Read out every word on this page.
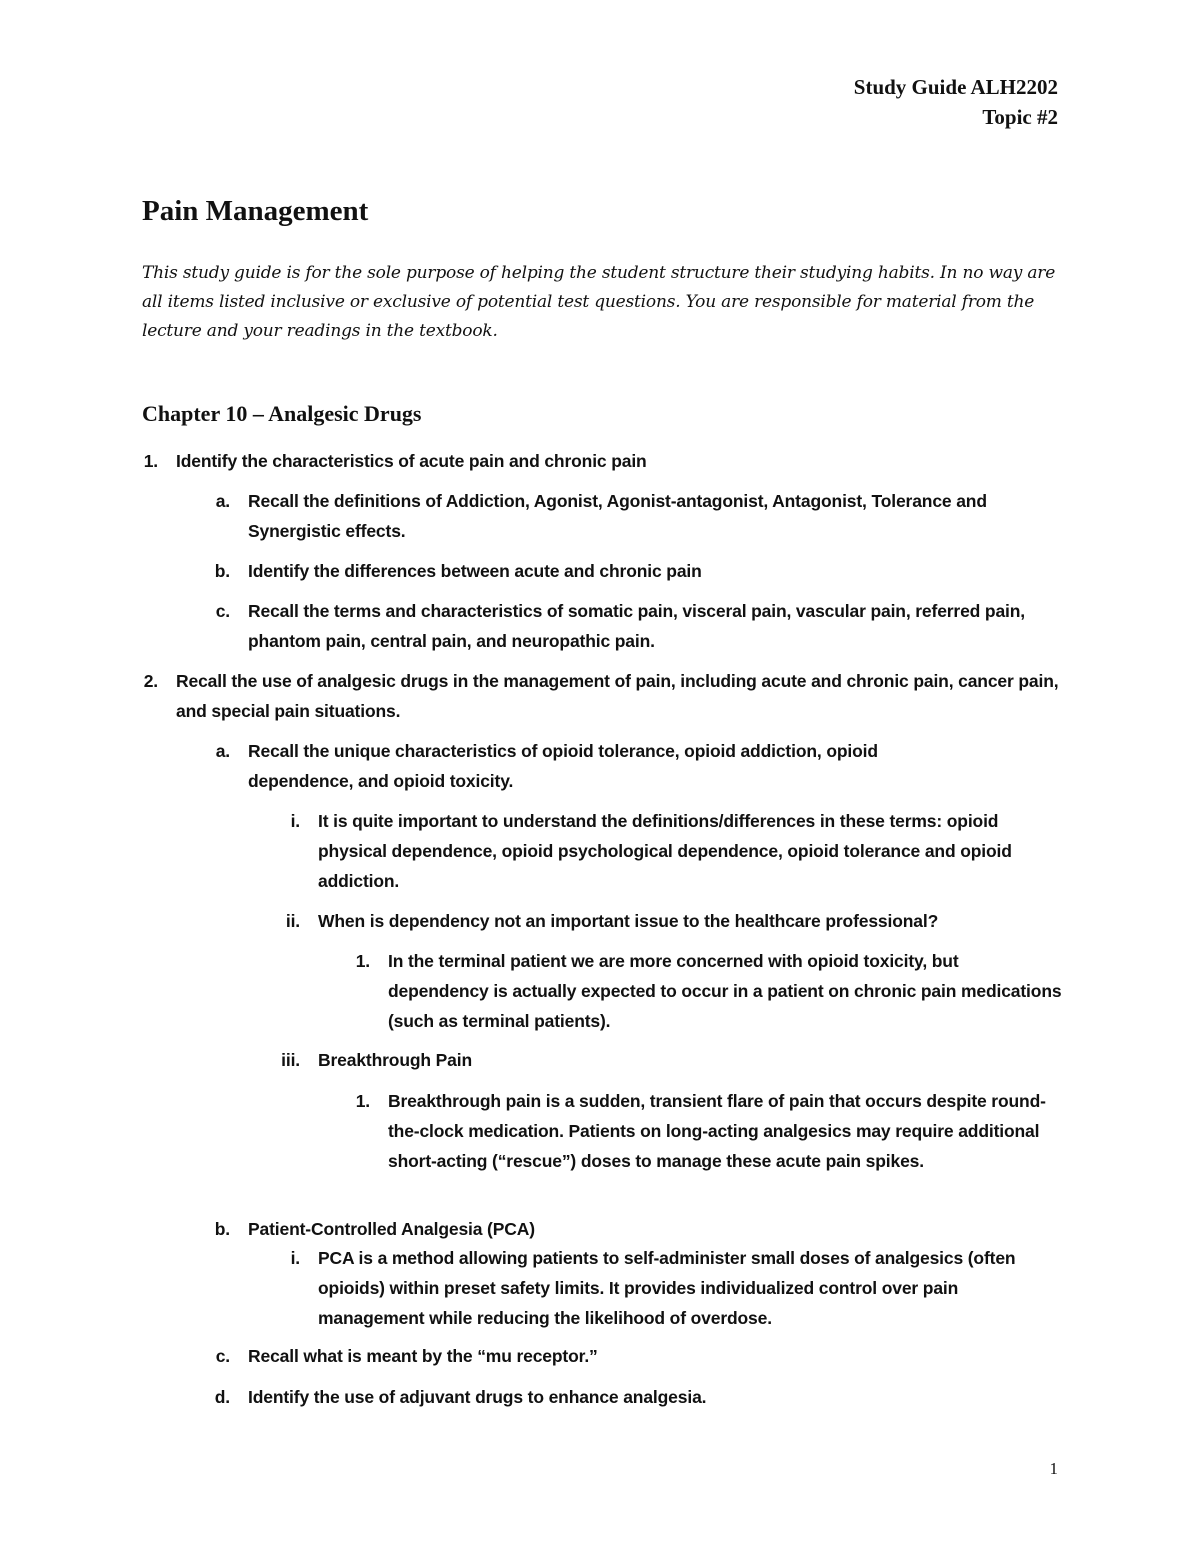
Study Guide ALH2202
Topic #2
Pain Management

This study guide is for the sole purpose of helping the student structure their studying habits. In no way are all items listed inclusive or exclusive of potential test questions. You are responsible for material from the lecture and your readings in the textbook.

Chapter 10 – Analgesic Drugs
1. Identify the characteristics of acute pain and chronic pain
a. Recall the definitions of Addiction, Agonist, Agonist-antagonist, Antagonist, Tolerance and Synergistic effects.
b. Identify the differences between acute and chronic pain
c. Recall the terms and characteristics of somatic pain, visceral pain, vascular pain, referred pain, phantom pain, central pain, and neuropathic pain.
2. Recall the use of analgesic drugs in the management of pain, including acute and chronic pain, cancer pain, and special pain situations.
a. Recall the unique characteristics of opioid tolerance, opioid addiction, opioid dependence, and opioid toxicity.
i. It is quite important to understand the definitions/differences in these terms: opioid physical dependence, opioid psychological dependence, opioid tolerance and opioid addiction.
ii. When is dependency not an important issue to the healthcare professional?
1. In the terminal patient we are more concerned with opioid toxicity, but dependency is actually expected to occur in a patient on chronic pain medications (such as terminal patients).
iii. Breakthrough Pain
1. Breakthrough pain is a sudden, transient flare of pain that occurs despite round-the-clock medication. Patients on long-acting analgesics may require additional short-acting (“rescue”) doses to manage these acute pain spikes.
b. Patient-Controlled Analgesia (PCA)
i. PCA is a method allowing patients to self-administer small doses of analgesics (often opioids) within preset safety limits. It provides individualized control over pain management while reducing the likelihood of overdose.
c. Recall what is meant by the “mu receptor.”
d. Identify the use of adjuvant drugs to enhance analgesia.
1
